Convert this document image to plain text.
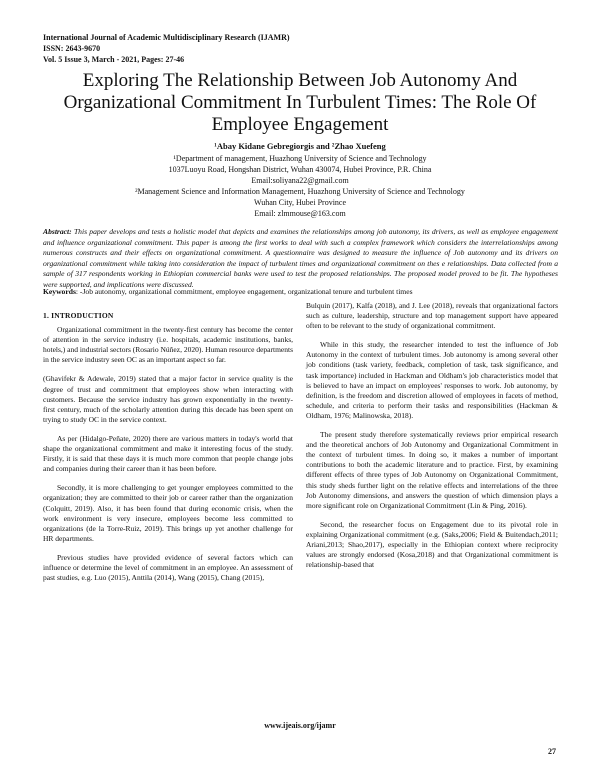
International Journal of Academic Multidisciplinary Research (IJAMR)
ISSN: 2643-9670
Vol. 5 Issue 3, March - 2021, Pages: 27-46
Exploring The Relationship Between Job Autonomy And Organizational Commitment In Turbulent Times: The Role Of Employee Engagement
¹Abay Kidane Gebregiorgis and ²Zhao Xuefeng
¹Department of management, Huazhong University of Science and Technology
1037Luoyu Road, Hongshan District, Wuhan 430074, Hubei Province, P.R. China
Email:soliyana22@gmail.com
²Management Science and Information Management, Huazhong University of Science and Technology
Wuhan City, Hubei Province
Email: zlmmouse@163.com

Abstract: This paper develops and tests a holistic model that depicts and examines the relationships among job autonomy, its drivers, as well as employee engagement and influence organizational commitment. This paper is among the first works to deal with such a complex framework which considers the interrelationships among numerous constructs and their effects on organizational commitment. A questionnaire was designed to measure the influence of Job autonomy and its drivers on organizational commitment while taking into consideration the impact of turbulent times and organizational commitment on thes e relationships. Data collected from a sample of 317 respondents working in Ethiopian commercial banks were used to test the proposed relationships. The proposed model proved to be fit. The hypotheses were supported, and implications were discussed.

Keywords: -Job autonomy, organizational commitment, employee engagement, organizational tenure and turbulent times

1. INTRODUCTION

Organizational commitment in the twenty-first century has become the center of attention in the service industry (i.e. hospitals, academic institutions, banks, hotels,) and industrial sectors (Rosario Núñez, 2020). Human resource departments in the service industry seen OC as an important aspect so far.

(Ghavifekr & Adewale, 2019) stated that a major factor in service quality is the degree of trust and commitment that employees show when interacting with customers. Because the service industry has grown exponentially in the twenty-first century, much of the scholarly attention during this decade has been spent on trying to study OC in the service context.

As per (Hidalgo-Peñate, 2020) there are various matters in today's world that shape the organizational commitment and make it interesting focus of the study. Firstly, it is said that these days it is much more common that people change jobs and companies during their career than it has been before.

Secondly, it is more challenging to get younger employees committed to the organization; they are committed to their job or career rather than the organization (Colquitt, 2019). Also, it has been found that during economic crisis, when the work environment is very insecure, employees become less committed to organizations (de la Torre-Ruiz, 2019). This brings up yet another challenge for HR departments.

Previous studies have provided evidence of several factors which can influence or determine the level of commitment in an employee. An assessment of past studies, e.g. Luo (2015), Anttila (2014), Wang (2015), Chang (2015),

Bulquin (2017), Kalfa (2018), and J. Lee (2018), reveals that organizational factors such as culture, leadership, structure and top management support have appeared often to be relevant to the study of organizational commitment.

While in this study, the researcher intended to test the influence of Job Autonomy in the context of turbulent times. Job autonomy is among several other job conditions (task variety, feedback, completion of task, task significance, and task importance) included in Hackman and Oldham's job characteristics model that is believed to have an impact on employees' responses to work. Job autonomy, by definition, is the freedom and discretion allowed of employees in facets of method, schedule, and criteria to perform their tasks and responsibilities (Hackman & Oldham, 1976; Malinowska, 2018).

The present study therefore systematically reviews prior empirical research and the theoretical anchors of Job Autonomy and Organizational Commitment in the context of turbulent times. In doing so, it makes a number of important contributions to both the academic literature and to practice. First, by examining different effects of three types of Job Autonomy on Organizational Commitment, this study sheds further light on the relative effects and interrelations of the three Job Autonomy dimensions, and answers the question of which dimension plays a more significant role on Organizational Commitment (Lin & Ping, 2016).

Second, the researcher focus on Engagement due to its pivotal role in explaining Organizational commitment (e.g. (Saks,2006; Field & Buitendach,2011; Ariani,2013; Shao,2017), especially in the Ethiopian context where reciprocity values are strongly endorsed (Kosa,2018) and that Organizational commitment is relationship-based that

www.ijeais.org/ijamr
27
